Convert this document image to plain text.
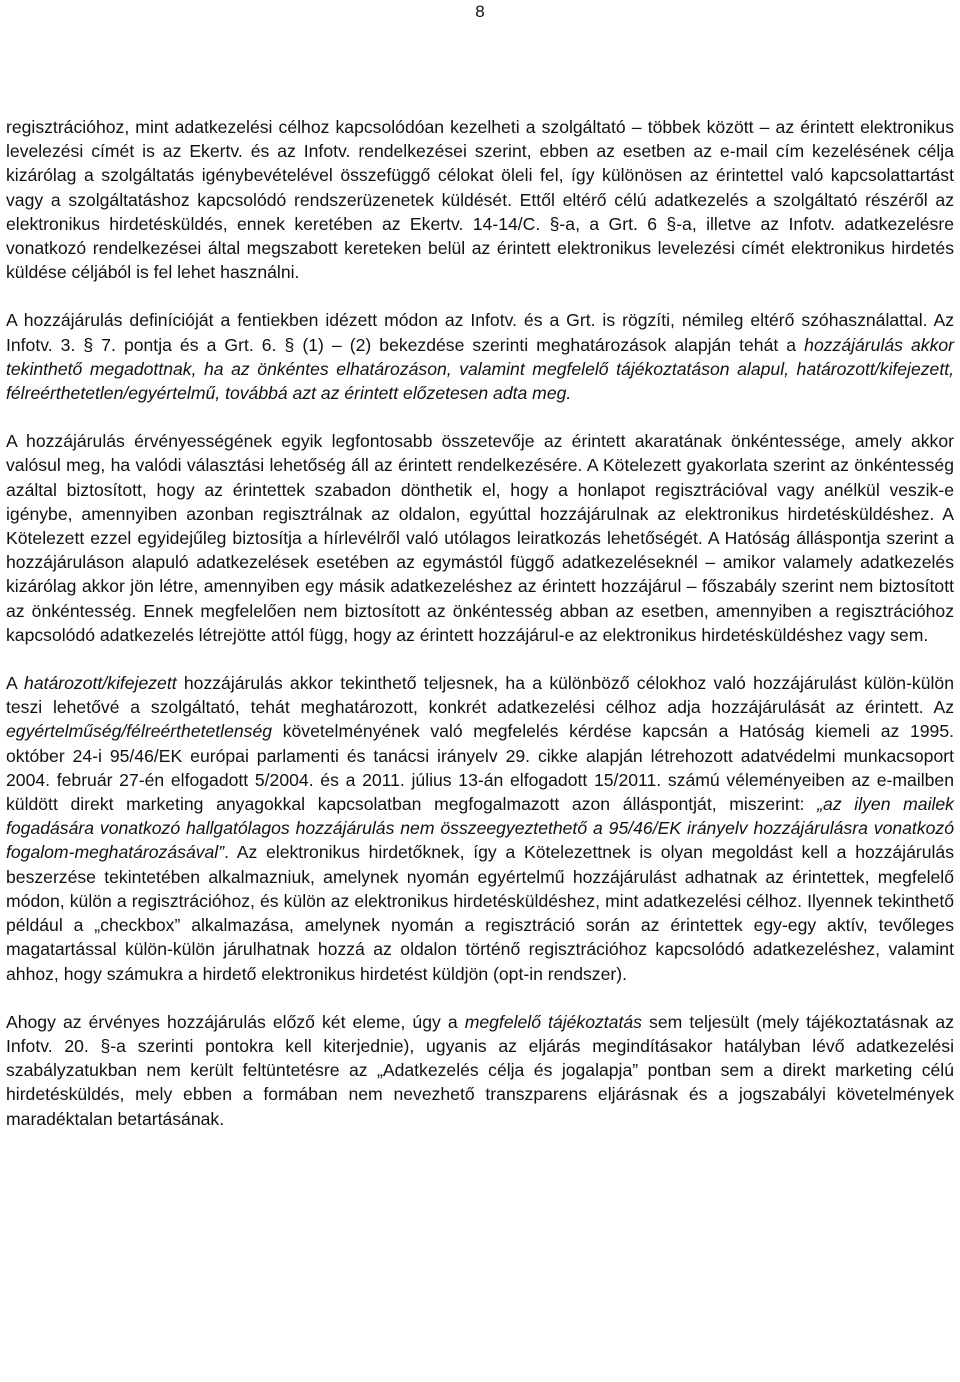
8

regisztrációhoz, mint adatkezelési célhoz kapcsolódóan kezelheti a szolgáltató – többek között – az érintett elektronikus levelezési címét is az Ekertv. és az Infotv. rendelkezései szerint, ebben az esetben az e-mail cím kezelésének célja kizárólag a szolgáltatás igénybevételével összefüggő célokat öleli fel, így különösen az érintettel való kapcsolattartást vagy a szolgáltatáshoz kapcsolódó rendszerüzenetek küldését. Ettől eltérő célú adatkezelés a szolgáltató részéről az elektronikus hirdetésküldés, ennek keretében az Ekertv. 14-14/C. §-a, a Grt. 6 §-a, illetve az Infotv. adatkezelésre vonatkozó rendelkezései által megszabott kereteken belül az érintett elektronikus levelezési címét elektronikus hirdetés küldése céljából is fel lehet használni.

A hozzájárulás definícióját a fentiekben idézett módon az Infotv. és a Grt. is rögzíti, némileg eltérő szóhasználattal. Az Infotv. 3. § 7. pontja és a Grt. 6. § (1) – (2) bekezdése szerinti meghatározások alapján tehát a hozzájárulás akkor tekinthető megadottnak, ha az önkéntes elhatározáson, valamint megfelelő tájékoztatáson alapul, határozott/kifejezett, félreérthetetlen/egyértelmű, továbbá azt az érintett előzetesen adta meg.

A hozzájárulás érvényességének egyik legfontosabb összetevője az érintett akaratának önkéntessége, amely akkor valósul meg, ha valódi választási lehetőség áll az érintett rendelkezésére. A Kötelezett gyakorlata szerint az önkéntesség azáltal biztosított, hogy az érintettek szabadon dönthetik el, hogy a honlapot regisztrációval vagy anélkül veszik-e igénybe, amennyiben azonban regisztrálnak az oldalon, egyúttal hozzájárulnak az elektronikus hirdetésküldéshez. A Kötelezett ezzel egyidejűleg biztosítja a hírlevélről való utólagos leiratkozás lehetőségét. A Hatóság álláspontja szerint a hozzájáruláson alapuló adatkezelések esetében az egymástól függő adatkezeléseknél – amikor valamely adatkezelés kizárólag akkor jön létre, amennyiben egy másik adatkezeléshez az érintett hozzájárul – főszabály szerint nem biztosított az önkéntesség. Ennek megfelelően nem biztosított az önkéntesség abban az esetben, amennyiben a regisztrációhoz kapcsolódó adatkezelés létrejötte attól függ, hogy az érintett hozzájárul-e az elektronikus hirdetésküldéshez vagy sem.

A határozott/kifejezett hozzájárulás akkor tekinthető teljesnek, ha a különböző célokhoz való hozzájárulást külön-külön teszi lehetővé a szolgáltató, tehát meghatározott, konkrét adatkezelési célhoz adja hozzájárulását az érintett. Az egyértelműség/félreérthetetlenség követelményének való megfelelés kérdése kapcsán a Hatóság kiemeli az 1995. október 24-i 95/46/EK európai parlamenti és tanácsi irányelv 29. cikke alapján létrehozott adatvédelmi munkacsoport 2004. február 27-én elfogadott 5/2004. és a 2011. július 13-án elfogadott 15/2011. számú véleményeiben az e-mailben küldött direkt marketing anyagokkal kapcsolatban megfogalmazott azon álláspontját, miszerint: „az ilyen mailek fogadására vonatkozó hallgatólagos hozzájárulás nem összeegyeztethető a 95/46/EK irányelv hozzájárulásra vonatkozó fogalom-meghatározásával”. Az elektronikus hirdetőknek, így a Kötelezettnek is olyan megoldást kell a hozzájárulás beszerzése tekintetében alkalmazniuk, amelynek nyomán egyértelmű hozzájárulást adhatnak az érintettek, megfelelő módon, külön a regisztrációhoz, és külön az elektronikus hirdetésküldéshez, mint adatkezelési célhoz. Ilyennek tekinthető például a „checkbox” alkalmazása, amelynek nyomán a regisztráció során az érintettek egy-egy aktív, tevőleges magatartással külön-külön járulhatnak hozzá az oldalon történő regisztrációhoz kapcsolódó adatkezeléshez, valamint ahhoz, hogy számukra a hirdető elektronikus hirdetést küldjön (opt-in rendszer).

Ahogy az érvényes hozzájárulás előző két eleme, úgy a megfelelő tájékoztatás sem teljesült (mely tájékoztatásnak az Infotv. 20. §-a szerinti pontokra kell kiterjednie), ugyanis az eljárás megindításakor hatályban lévő adatkezelési szabályzatukban nem került feltüntetésre az „Adatkezelés célja és jogalapja” pontban sem a direkt marketing célú hirdetésküldés, mely ebben a formában nem nevezhető transzparens eljárásnak és a jogszabályi követelmények maradéktalan betartásának.
